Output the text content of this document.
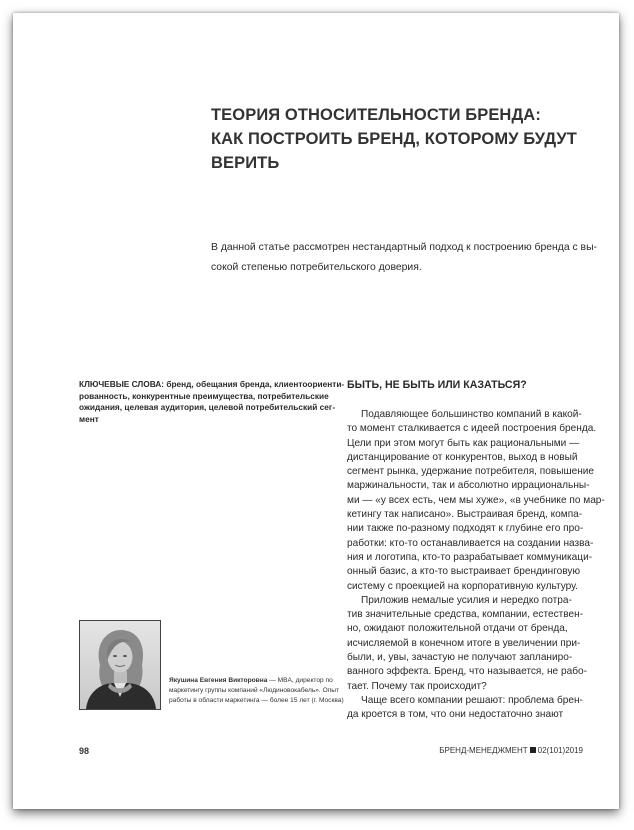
ТЕОРИЯ ОТНОСИТЕЛЬНОСТИ БРЕНДА:
КАК ПОСТРОИТЬ БРЕНД, КОТОРОМУ БУДУТ
ВЕРИТЬ
В данной статье рассмотрен нестандартный подход к построению бренда с вы-
сокой степенью потребительского доверия.
КЛЮЧЕВЫЕ СЛОВА: бренд, обещания бренда, клиентоориенти-
рованность, конкурентные преимущества, потребительские
ожидания, целевая аудитория, целевой потребительский сег-
мент
БЫТЬ, НЕ БЫТЬ ИЛИ КАЗАТЬСЯ?
Подавляющее большинство компаний в какой-
то момент сталкивается с идеей построения бренда.
Цели при этом могут быть как рациональными —
дистанцирование от конкурентов, выход в новый
сегмент рынка, удержание потребителя, повышение
маржинальности, так и абсолютно иррациональны-
ми — «у всех есть, чем мы хуже», «в учебнике по мар-
кетингу так написано». Выстраивая бренд, компа-
нии также по-разному подходят к глубине его про-
работки: кто-то останавливается на создании назва-
ния и логотипа, кто-то разрабатывает коммуникаци-
онный базис, а кто-то выстраивает брендинговую
систему с проекцией на корпоративную культуру.
Приложив немалые усилия и нередко потра-
тив значительные средства, компании, естествен-
но, ожидают положительной отдачи от бренда,
исчисляемой в конечном итоге в увеличении при-
были, и, увы, зачастую не получают запланиро-
ванного эффекта. Бренд, что называется, не рабо-
тает. Почему так происходит?
Чаще всего компании решают: проблема брен-
да кроется в том, что они недостаточно знают
Якушина Евгения Викторовна — MBA, директор по
маркетингу группы компаний «Людиновокабель». Опыт
работы в области маркетинга — более 15 лет (г. Москва)
98	БРЕНД-МЕНЕДЖМЕНТ 02(101)2019
